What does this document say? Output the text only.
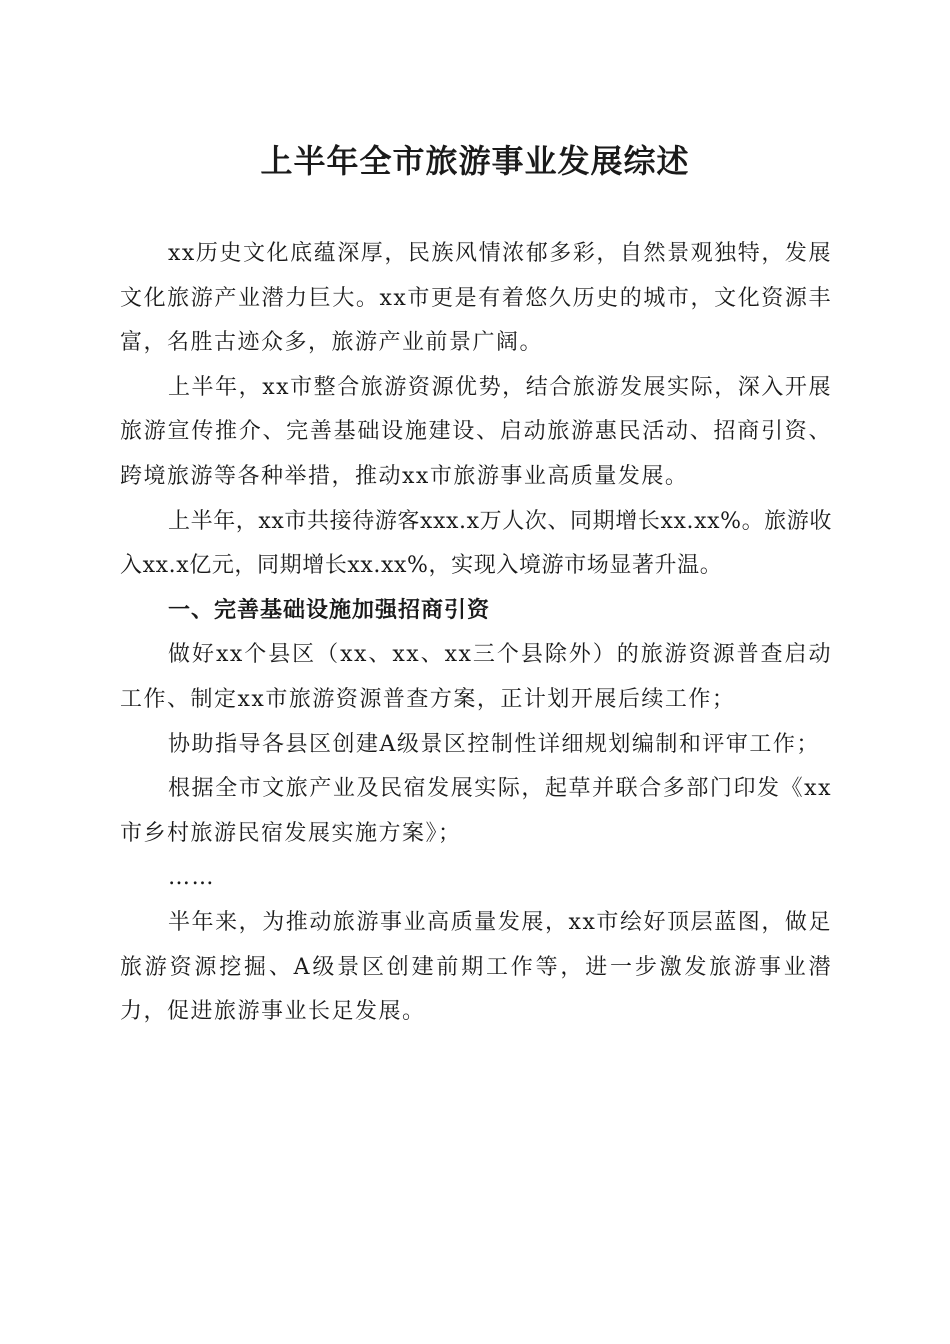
上半年全市旅游事业发展综述

xx历史文化底蕴深厚，民族风情浓郁多彩，自然景观独特，发展文化旅游产业潜力巨大。xx市更是有着悠久历史的城市，文化资源丰富，名胜古迹众多，旅游产业前景广阔。

上半年，xx市整合旅游资源优势，结合旅游发展实际，深入开展旅游宣传推介、完善基础设施建设、启动旅游惠民活动、招商引资、跨境旅游等各种举措，推动xx市旅游事业高质量发展。

上半年，xx市共接待游客xxx.x万人次、同期增长xx.xx%。旅游收入xx.x亿元，同期增长xx.xx%，实现入境游市场显著升温。

一、完善基础设施加强招商引资

做好xx个县区（xx、xx、xx三个县除外）的旅游资源普查启动工作、制定xx市旅游资源普查方案，正计划开展后续工作；

协助指导各县区创建A级景区控制性详细规划编制和评审工作；

根据全市文旅产业及民宿发展实际，起草并联合多部门印发《xx市乡村旅游民宿发展实施方案》；

……

半年来，为推动旅游事业高质量发展，xx市绘好顶层蓝图，做足旅游资源挖掘、A级景区创建前期工作等，进一步激发旅游事业潜力，促进旅游事业长足发展。
